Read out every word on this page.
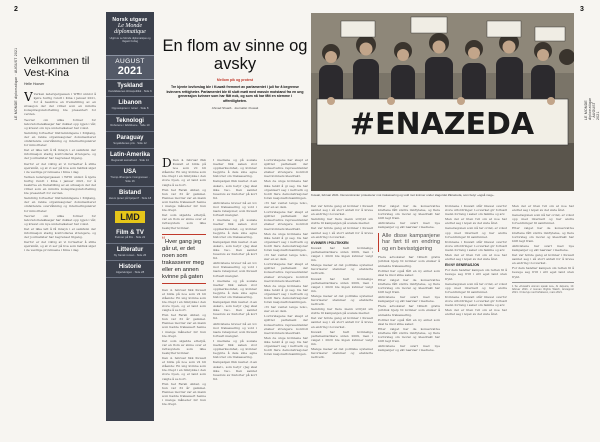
2
LE MONDE diplomatique · AUGUST 2021 Velkommen til Vest-Kina
Helle Hoover

V Verken ledersjergassen i WHO unnlot å kjøre hurtig rundt i Kina i januar 2021, for å beskrive en fremstilling av en situasjon der det virket som en mindre konspirasjonsfortelling ble presentert for verden.

Teorier om ulike former for laboratorielekkasjer har dukket opp igjen i vår, og kravet om nye undersøkelser har vokst.

Samtidig fortsetter tilstramningene i Xinjiang, der en rekke organisasjoner dokumenterer omfattende overvåkning og interneringsleirer for minoriteter.

Det er ikke lett å få innsyn i et samfunn der informasjon stadig kontrolleres strengere, og der journalister har begrenset tilgang.

Derfor er det viktig at vi fortsetter å stille spørsmål, og at vi ser på hva som faktisk skjer i de vestlige provinsene i Kina i dag.

Verken ledersjergassen i WHO unnlot å kjøre hurtig rundt i Kina i januar 2021, for å beskrive en fremstilling av en situasjon der det virket som en mindre konspirasjonsfortelling ble presentert for verden.

Samtidig fortsetter tilstramningene i Xinjiang, der en rekke organisasjoner dokumenterer omfattende overvåkning og interneringsleirer for minoriteter.

Teorier om ulike former for laboratorielekkasjer har dukket opp igjen i vår, og kravet om nye undersøkelser har vokst.

Det er ikke lett å få innsyn i et samfunn der informasjon stadig kontrolleres strengere, og der journalister har begrenset tilgang.

Derfor er det viktig at vi fortsetter å stille spørsmål, og at vi ser på hva som faktisk skjer i de vestlige provinsene i Kina i dag.

Norsk utgave
Le Monde diplomatique
Utgitt av Le Monde diplomatique og Vagant Forlag
AUGUST
2021
Tyskland
Kandidatenes klimapolitikk · Side 6
Libanon
Opposisjonen i ruiner · Side 8
Teknologi
Robotene i fabrikkene · Side 10
Paraguay
Soyafeltenes pris · Side 12
Latin-Amerika
Regionalt samarbeid · Side 14
USA
Trump-tilhengere i kongressen · Side 16
Bistand
Hvem tjener på hjelpen? · Side 18
LMD
Film & TV
Kvinner på film · Side 22
Litteratur
Ny fransk roman · Side 26
Historie
Algeriekrigen · Side 28
En flom av sinne og avsky
Mellom pik og protest
Tre kjente lovforslag ble i Kuwait fremmet av parlamentet i juli for å begrense kvinners rettigheter. Parlamentet ble til slutt møtt med massiv motstand fra en ung generasjon kvinner som har fått nok, og som nå har fått en stemme i offentligheten.
Ahmad Shuaib · Journalist i Kuwait

D Den 4. februar fikk Kuwait et bilde på noe som vil bli stående: En ung kvinne som ble drept i en bilulykke i den store byen, og et land som valgte å se bort.

Hun het Farah Akbar, og hun var 32 år gammel. Hennes morder var en mann som hadde trakassert henne i mange måneder før hun ble drept.

Det som skjedde etterpå, var en flom av sinne over et rettssystem som ikke beskytter kvinner.

“Hver gang jeg går ut, er det noen som trakasserer meg eller en annen kvinne på gaten

Den 4. februar fikk Kuwait et bilde på noe som vil bli stående: En ung kvinne som ble drept i en bilulykke i den store byen, og et land som valgte å se bort.

Hun het Farah Akbar, og hun var 32 år gammel. Hennes morder var en mann som hadde trakassert henne i mange måneder før hun ble drept.

Det som skjedde etterpå, var en flom av sinne over et rettssystem som ikke beskytter kvinner.

Den 4. februar fikk Kuwait et bilde på noe som vil bli stående: En ung kvinne som ble drept i en bilulykke i den store byen, og et land som valgte å se bort.

Hun het Farah Akbar, og hun var 32 år gammel. Hennes morder var en mann som hadde trakassert henne i mange måneder før hun ble drept.

I mediene og på sosiale medier fikk saken stor oppmerksomhet, og kvinner begynte å dele sine egne historier om trakassering.

Kampanjen fikk navnet «Lan Asket», som betyr «Jeg skal ikke tie». Den samlet tusenvis av historier på kort tid.

Aktivistene krever nå en lov mot trakassering og vold i nære relasjoner, som Kuwait fortsatt mangler.

I mediene og på sosiale medier fikk saken stor oppmerksomhet, og kvinner begynte å dele sine egne historier om trakassering.

Kampanjen fikk navnet «Lan Asket», som betyr «Jeg skal ikke tie». Den samlet tusenvis av historier på kort tid.

Aktivistene krever nå en lov mot trakassering og vold i nære relasjoner, som Kuwait fortsatt mangler.

I mediene og på sosiale medier fikk saken stor oppmerksomhet, og kvinner begynte å dele sine egne historier om trakassering.

Kampanjen fikk navnet «Lan Asket», som betyr «Jeg skal ikke tie». Den samlet tusenvis av historier på kort tid.

Aktivistene krever nå en lov mot trakassering og vold i nære relasjoner, som Kuwait fortsatt mangler.

I mediene og på sosiale medier fikk saken stor oppmerksomhet, og kvinner begynte å dele sine egne historier om trakassering.

Kampanjen fikk navnet «Lan Asket», som betyr «Jeg skal ikke tie». Den samlet tusenvis av historier på kort tid.

Lovforslagene har skapt et splittet parlament der konservative representanter ønsker strengere kontroll med kvinners klesdrakt.

Men de unge kvinnene har ikke tenkt å gi seg. De har organisert seg i nettverk og holdt flere demonstrasjoner foran nasjonalforsamlingen.

«Vi har ventet lenge nok», sier en av dem.

Lovforslagene har skapt et splittet parlament der konservative representanter ønsker strengere kontroll med kvinners klesdrakt.

Men de unge kvinnene har ikke tenkt å gi seg. De har organisert seg i nettverk og holdt flere demonstrasjoner foran nasjonalforsamlingen.

«Vi har ventet lenge nok», sier en av dem.

Lovforslagene har skapt et splittet parlament der konservative representanter ønsker strengere kontroll med kvinners klesdrakt.

Men de unge kvinnene har ikke tenkt å gi seg. De har organisert seg i nettverk og holdt flere demonstrasjoner foran nasjonalforsamlingen.

«Vi har ventet lenge nok», sier en av dem.

Lovforslagene har skapt et splittet parlament der konservative representanter ønsker strengere kontroll med kvinners klesdrakt.

Men de unge kvinnene har ikke tenkt å gi seg. De har organisert seg i nettverk og holdt flere demonstrasjoner foran nasjonalforsamlingen.

3
LE MONDE diplomatique · AUGUST 2021
#ENAZEDA
Kuwait, februar 2021. Demonstranter protesterer mot trakassering og vold mot kvinner under slagordet #Enazeda, som betyr «også meg».

Det var første gang at kvinner i Kuwait samlet seg i så stort antall for å kreve en endring i lovverket.

Samtidig har flere menn uttrykt sin støtte til kampanjen på sosiale medier.

Det var første gang at kvinner i Kuwait samlet seg i så stort antall for å kreve en endring i lovverket.

KVINNER I POLITIKKEN

Kuwait har hatt kvinnelige parlamentarikere siden 2009, men i valget i 2020 ble ingen kvinner valgt inn.

Mange mener at det politiske systemet favoriserer stammer og etablerte nettverk.

Kuwait har hatt kvinnelige parlamentarikere siden 2009, men i valget i 2020 ble ingen kvinner valgt inn.

Mange mener at det politiske systemet favoriserer stammer og etablerte nettverk.

Samtidig har flere menn uttrykt sin støtte til kampanjen på sosiale medier.

Det var første gang at kvinner i Kuwait samlet seg i så stort antall for å kreve en endring i lovverket.

Kuwait har hatt kvinnelige parlamentarikere siden 2009, men i valget i 2020 ble ingen kvinner valgt inn.

Mange mener at det politiske systemet favoriserer stammer og etablerte nettverk.

Etter valget har de konservative kreftene fått større innflytelse, og flere lovforslag om moral og klesdrakt har blitt lagt fram.

Aktivistene har svart med nye kampanjer og økt nærvær i mediene.

Alle disse kampanjene har ført til en endring og en bevisstgjøring

Flere advokater har tilbudt gratis juridisk hjelp til kvinner som ønsker å anmelde trakassering.

Politiet har også fått en ny enhet som skal ta imot slike saker.

Etter valget har de konservative kreftene fått større innflytelse, og flere lovforslag om moral og klesdrakt har blitt lagt fram.

Aktivistene har svart med nye kampanjer og økt nærvær i mediene.

Flere advokater har tilbudt gratis juridisk hjelp til kvinner som ønsker å anmelde trakassering.

Politiet har også fått en ny enhet som skal ta imot slike saker.

Etter valget har de konservative kreftene fått større innflytelse, og flere lovforslag om moral og klesdrakt har blitt lagt fram.

Aktivistene har svart med nye kampanjer og økt nærvær i mediene.

Kvinnene i Kuwait står likevel overfor store utfordringer. Lovverket gir fortsatt menn forrang i saker om familie og arv.

Men det er liten tvil om at noe har endret seg i løpet av det siste året.

Generasjonen som nå tar ordet, er vokst opp med internett og har andre forventninger til samfunnet.

Kvinnene i Kuwait står likevel overfor store utfordringer. Lovverket gir fortsatt menn forrang i saker om familie og arv.

Men det er liten tvil om at noe har endret seg i løpet av det siste året.

EN NY GENERASJON

For dem handler kampen om retten til å bevege seg fritt i sitt eget land uten frykt.

Generasjonen som nå tar ordet, er vokst opp med internett og har andre forventninger til samfunnet.

Kvinnene i Kuwait står likevel overfor store utfordringer. Lovverket gir fortsatt menn forrang i saker om familie og arv.

Men det er liten tvil om at noe har endret seg i løpet av det siste året.

Men det er liten tvil om at noe har endret seg i løpet av det siste året.

Generasjonen som nå tar ordet, er vokst opp med internett og har andre forventninger til samfunnet.

Etter valget har de konservative kreftene fått større innflytelse, og flere lovforslag om moral og klesdrakt har blitt lagt fram.

Aktivistene har svart med nye kampanjer og økt nærvær i mediene.

Det var første gang at kvinner i Kuwait samlet seg i så stort antall for å kreve en endring i lovverket.

For dem handler kampen om retten til å bevege seg fritt i sitt eget land uten frykt.

1 Se «Kuwait's women speak out», Al Jazeera, 10. februar 2021. 2 Human Rights Watch, årsrapport 2021. 3 Intervju med forfatteren, mars 2021.
